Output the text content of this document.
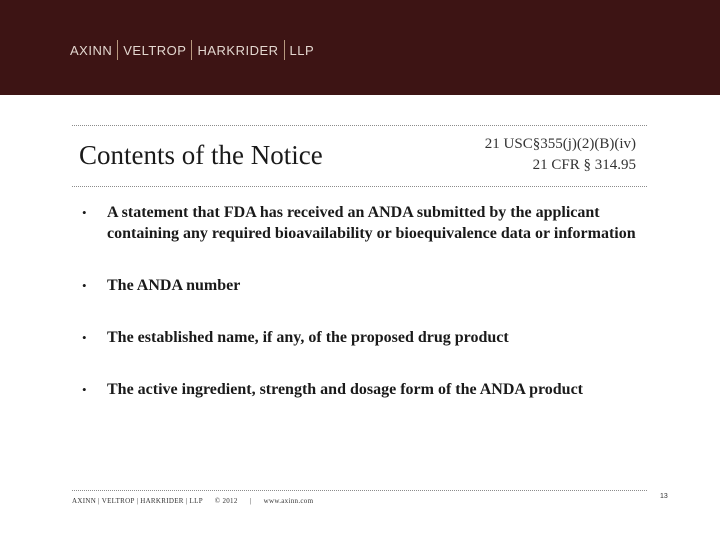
AXINN VELTROP HARKRIDER LLP
Contents of the Notice	21 USC§355(j)(2)(B)(iv)
21 CFR § 314.95
• A statement that FDA has received an ANDA submitted by the applicant containing any required bioavailability or bioequivalence data or information
• The ANDA number
• The established name, if any, of the proposed drug product
• The active ingredient, strength and dosage form of the ANDA product
AXINN | VELTROP | HARKRIDER | LLP © 2012 | www.axinn.com
13
